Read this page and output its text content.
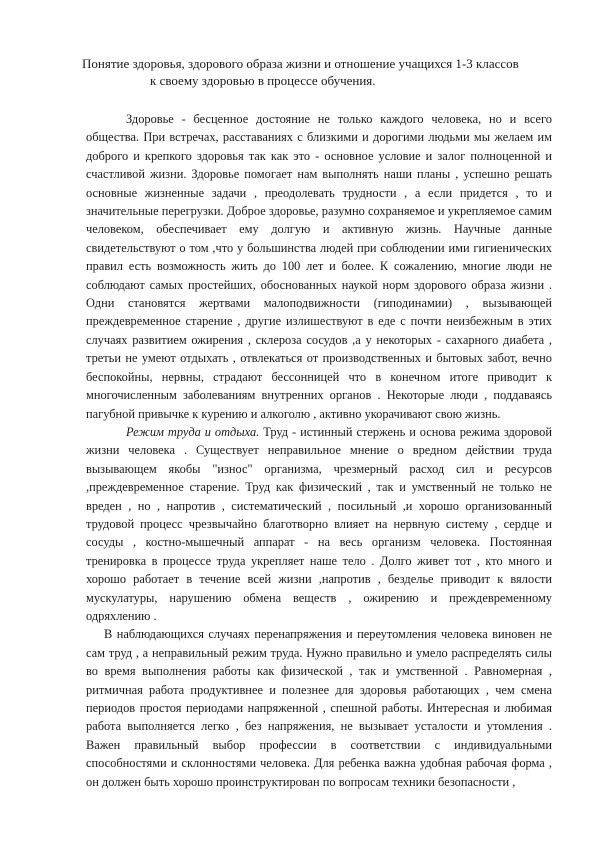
Понятие здоровья, здорового образа жизни и отношение учащихся 1-3 классов
к своему здоровью в процессе обучения.

Здоровье - бесценное достояние не только каждого человека, но и всего общества. При встречах, расставаниях с близкими и дорогими людьми мы желаем им доброго и крепкого здоровья так как это - основное условие и залог полноценной и счастливой жизни. Здоровье помогает нам выполнять наши планы , успешно решать основные жизненные задачи , преодолевать трудности , а если придется , то и значительные перегрузки. Доброе здоровье, разумно сохраняемое и укрепляемое самим человеком, обеспечивает ему долгую и активную жизнь. Научные данные свидетельствуют о том ,что у большинства людей при соблюдении ими гигиенических правил есть возможность жить до 100 лет и более. К сожалению, многие люди не соблюдают самых простейших, обоснованных наукой норм здорового образа жизни . Одни становятся жертвами малоподвижности (гиподинамии) , вызывающей преждевременное старение , другие излишествуют в еде с почти неизбежным в этих случаях развитием ожирения , склероза сосудов ,а у некоторых - сахарного диабета , третьи не умеют отдыхать , отвлекаться от производственных и бытовых забот, вечно беспокойны, нервны, страдают бессонницей что в конечном итоге приводит к многочисленным заболеваниям внутренних органов . Некоторые люди , поддаваясь пагубной привычке к курению и алкоголю , активно укорачивают свою жизнь.

Режим труда и отдыха. Труд - истинный стержень и основа режима здоровой жизни человека . Существует неправильное мнение о вредном действии труда вызывающем якобы "износ" организма, чрезмерный расход сил и ресурсов ,преждевременное старение. Труд как физический , так и умственный не только не вреден , но , напротив , систематический , посильный ,и хорошо организованный трудовой процесс чрезвычайно благотворно влияет на нервную систему , сердце и сосуды , костно-мышечный аппарат - на весь организм человека. Постоянная тренировка в процессе труда укрепляет наше тело . Долго живет тот , кто много и хорошо работает в течение всей жизни ,напротив , безделье приводит к вялости мускулатуры, нарушению обмена веществ , ожирению и преждевременному одряхлению .

В наблюдающихся случаях перенапряжения и переутомления человека виновен не сам труд , а неправильный режим труда. Нужно правильно и умело распределять силы во время выполнения работы как физической , так и умственной . Равномерная , ритмичная работа продуктивнее и полезнее для здоровья работающих , чем смена периодов простоя периодами напряженной , спешной работы. Интересная и любимая работа выполняется легко , без напряжения, не вызывает усталости и утомления . Важен правильный выбор профессии в соответствии с индивидуальными способностями и склонностями человека. Для ребенка важна удобная рабочая форма , он должен быть хорошо проинструктирован по вопросам техники безопасности ,
